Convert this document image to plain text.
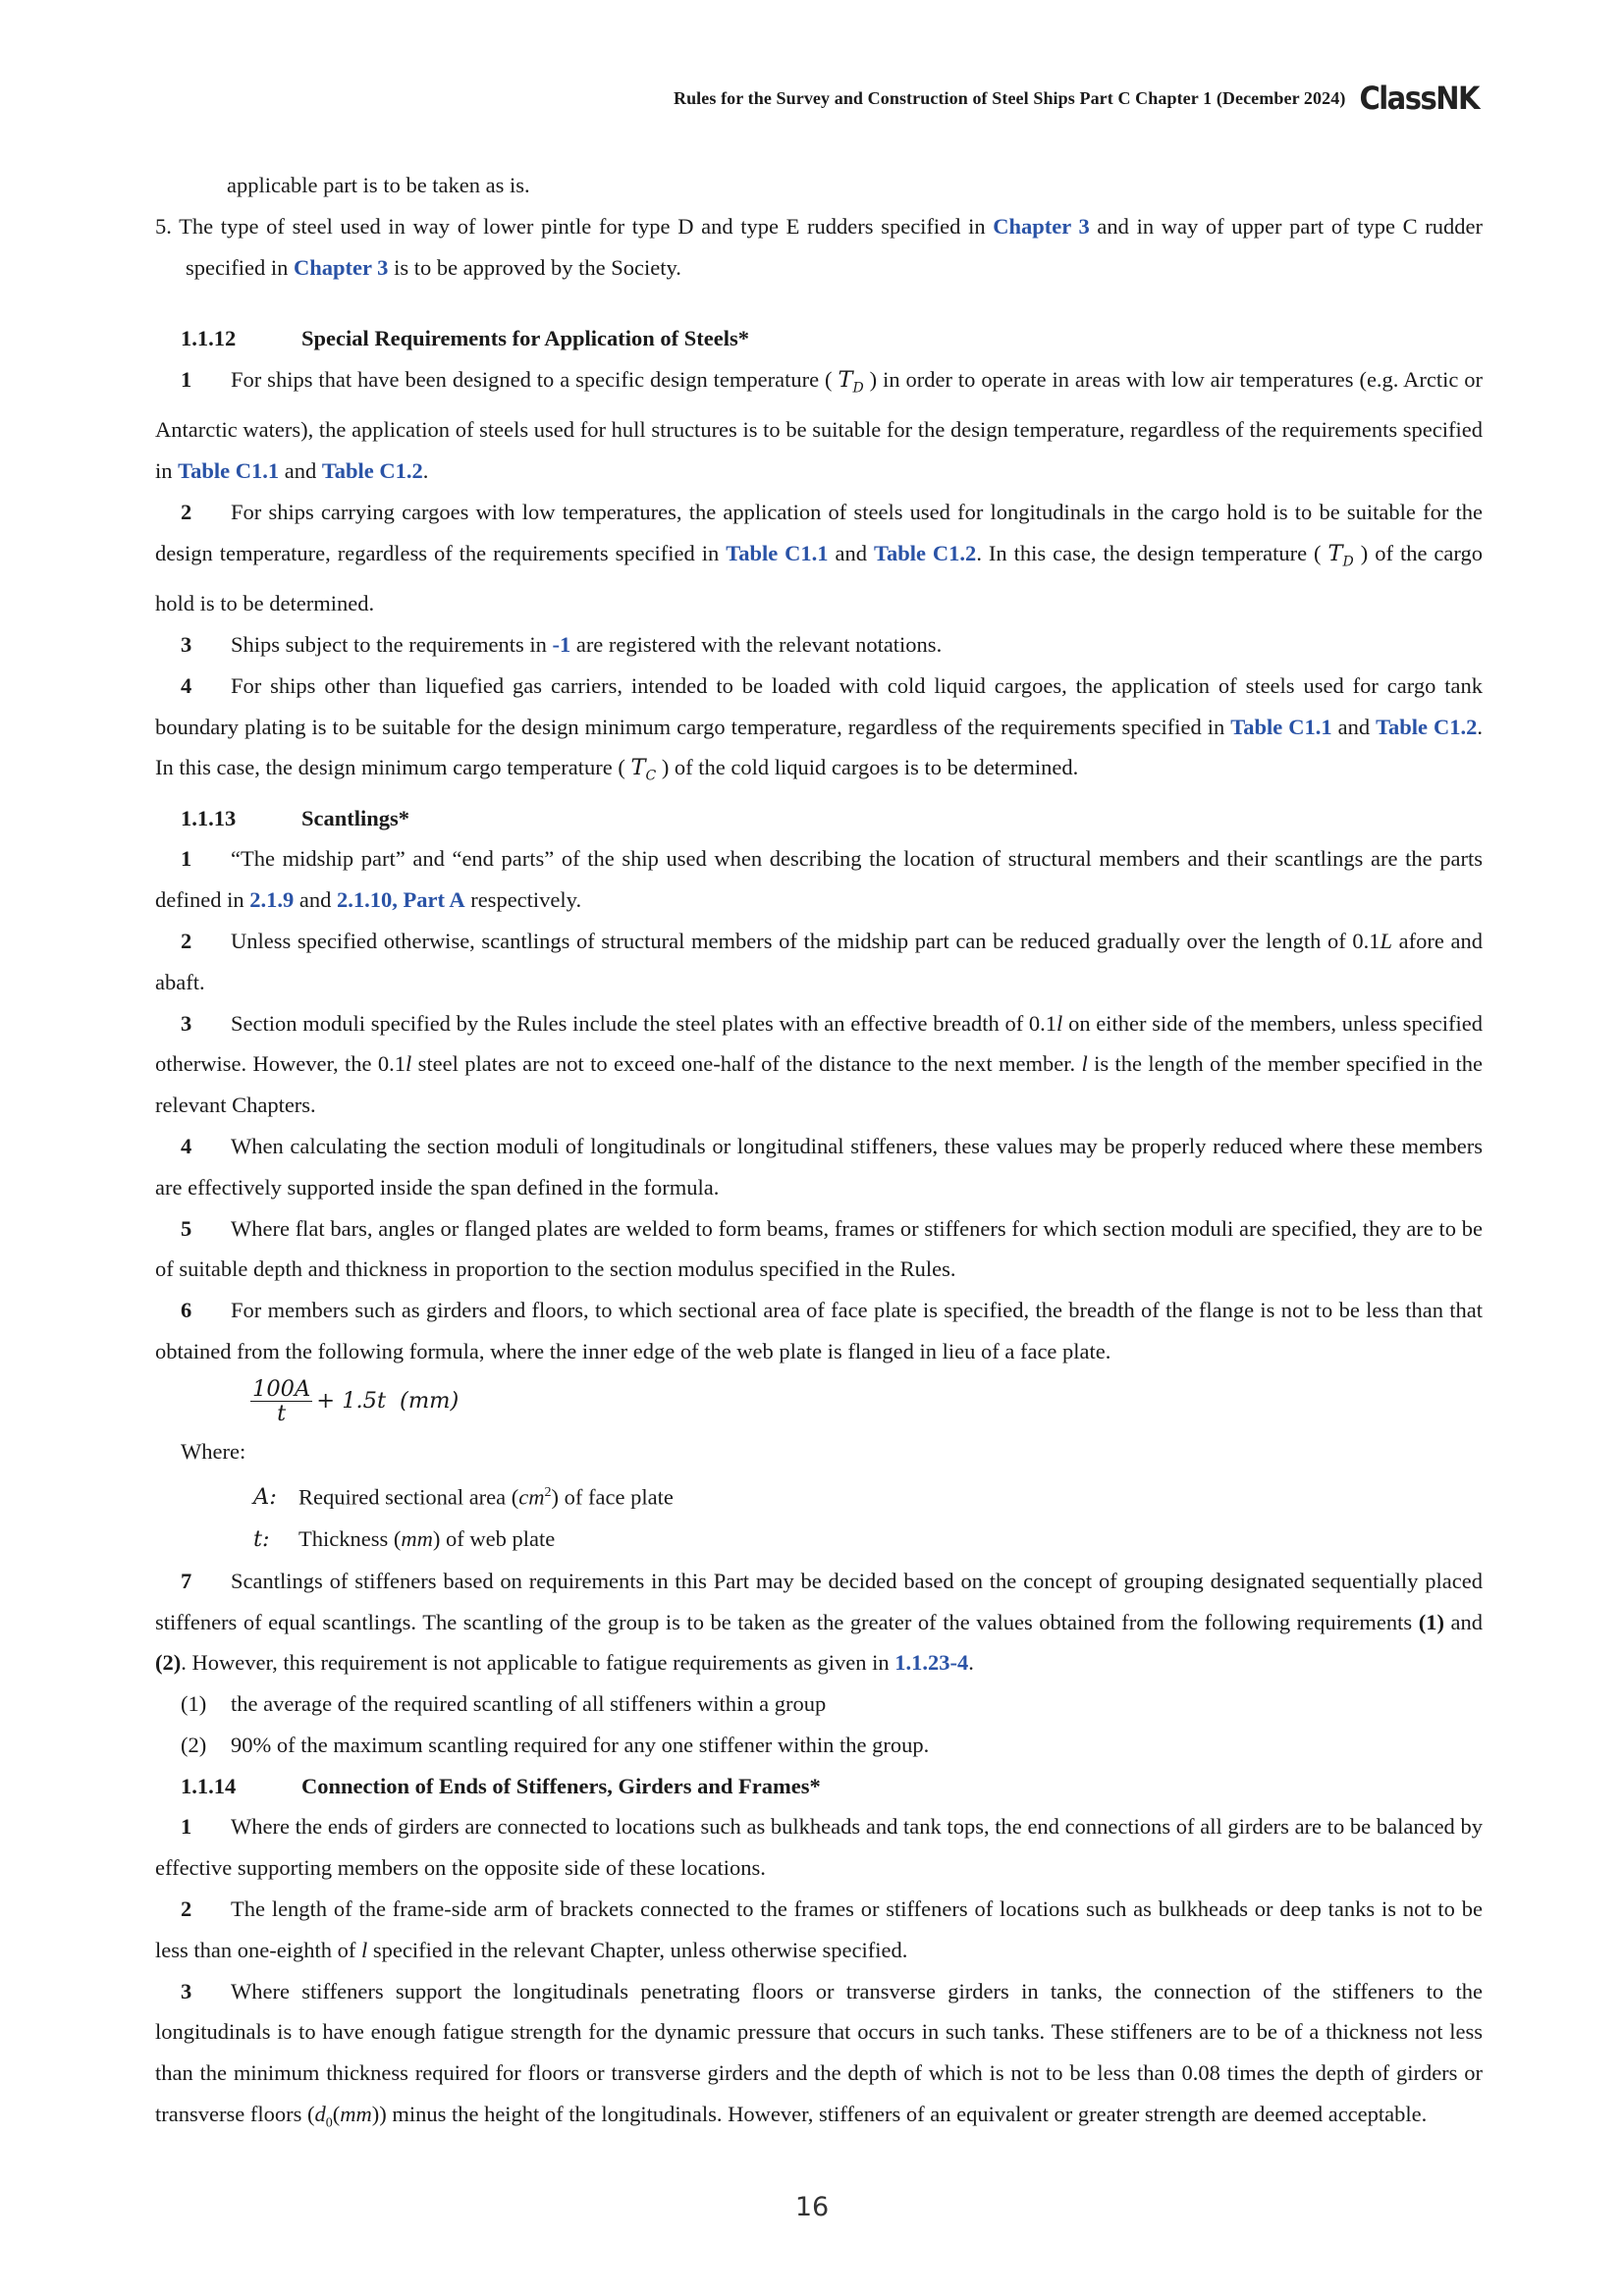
Rules for the Survey and Construction of Steel Ships Part C Chapter 1 (December 2024) ClassNK

applicable part is to be taken as is.

5. The type of steel used in way of lower pintle for type D and type E rudders specified in Chapter 3 and in way of upper part of type C rudder specified in Chapter 3 is to be approved by the Society.

1.1.12	Special Requirements for Application of Steels*

1 For ships that have been designed to a specific design temperature ( $T_D$ ) in order to operate in areas with low air temperatures (e.g. Arctic or Antarctic waters), the application of steels used for hull structures is to be suitable for the design temperature, regardless of the requirements specified in Table C1.1 and Table C1.2.

2 For ships carrying cargoes with low temperatures, the application of steels used for longitudinals in the cargo hold is to be suitable for the design temperature, regardless of the requirements specified in Table C1.1 and Table C1.2. In this case, the design temperature ( $T_D$ ) of the cargo hold is to be determined.

3 Ships subject to the requirements in -1 are registered with the relevant notations.

4 For ships other than liquefied gas carriers, intended to be loaded with cold liquid cargoes, the application of steels used for cargo tank boundary plating is to be suitable for the design minimum cargo temperature, regardless of the requirements specified in Table C1.1 and Table C1.2. In this case, the design minimum cargo temperature ( $T_C$ ) of the cold liquid cargoes is to be determined.

1.1.13	Scantlings*

1 “The midship part” and “end parts” of the ship used when describing the location of structural members and their scantlings are the parts defined in 2.1.9 and 2.1.10, Part A respectively.

2 Unless specified otherwise, scantlings of structural members of the midship part can be reduced gradually over the length of 0.1L afore and abaft.

3 Section moduli specified by the Rules include the steel plates with an effective breadth of 0.1l on either side of the members, unless specified otherwise. However, the 0.1l steel plates are not to exceed one-half of the distance to the next member. l is the length of the member specified in the relevant Chapters.

4 When calculating the section moduli of longitudinals or longitudinal stiffeners, these values may be properly reduced where these members are effectively supported inside the span defined in the formula.

5 Where flat bars, angles or flanged plates are welded to form beams, frames or stiffeners for which section moduli are specified, they are to be of suitable depth and thickness in proportion to the section modulus specified in the Rules.

6 For members such as girders and floors, to which sectional area of face plate is specified, the breadth of the flange is not to be less than that obtained from the following formula, where the inner edge of the web plate is flanged in lieu of a face plate.

$\frac{100A}{t} + 1.5t$ (mm)

Where:

A: Required sectional area $(cm^2)$ of face plate

t: Thickness (mm) of web plate

7 Scantlings of stiffeners based on requirements in this Part may be decided based on the concept of grouping designated sequentially placed stiffeners of equal scantlings. The scantling of the group is to be taken as the greater of the values obtained from the following requirements (1) and (2). However, this requirement is not applicable to fatigue requirements as given in 1.1.23-4.

(1) the average of the required scantling of all stiffeners within a group

(2) 90% of the maximum scantling required for any one stiffener within the group.

1.1.14	Connection of Ends of Stiffeners, Girders and Frames*

1 Where the ends of girders are connected to locations such as bulkheads and tank tops, the end connections of all girders are to be balanced by effective supporting members on the opposite side of these locations.

2 The length of the frame-side arm of brackets connected to the frames or stiffeners of locations such as bulkheads or deep tanks is not to be less than one-eighth of l specified in the relevant Chapter, unless otherwise specified.

3 Where stiffeners support the longitudinals penetrating floors or transverse girders in tanks, the connection of the stiffeners to the longitudinals is to have enough fatigue strength for the dynamic pressure that occurs in such tanks. These stiffeners are to be of a thickness not less than the minimum thickness required for floors or transverse girders and the depth of which is not to be less than 0.08 times the depth of girders or transverse floors $(d_0(mm))$ minus the height of the longitudinals. However, stiffeners of an equivalent or greater strength are deemed acceptable.

16
